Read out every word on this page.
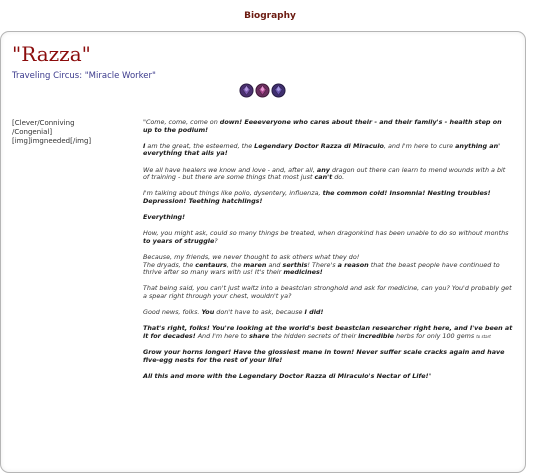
Biography
"Razza"
Traveling Circus: "Miracle Worker"
[Clever/Conniving
/Congenial]
[img]imgneeded[/img]

"Come, come, come on down! Eeeeveryone who cares about their - and their family's - health step on up to the podium!

I am the great, the esteemed, the Legendary Doctor Razza di Miraculo, and I'm here to cure anything an' everything that ails ya!

We all have healers we know and love - and, after all, any dragon out there can learn to mend wounds with a bit of training - but there are some things that most just can't do.

I'm talking about things like polio, dysentery, influenza, the common cold! Insomnia! Nesting troubles! Depression! Teething hatchlings!

Everything!

How, you might ask, could so many things be treated, when dragonkind has been unable to do so without months to years of struggle?

Because, my friends, we never thought to ask others what they do!
The dryads, the centaurs, the maren and serthis! There's a reason that the beast people have continued to thrive after so many wars with us! It's their medicines!

That being said, you can't just waltz into a beastclan stronghold and ask for medicine, can you? You'd probably get a spear right through your chest, wouldn't ya?

Good news, folks. You don't have to ask, because I did!

That's right, folks! You're looking at the world's best beastclan researcher right here, and I've been at it for decades! And I'm here to share the hidden secrets of their incredible herbs for only 100 gems to start

Grow your horns longer! Have the glossiest mane in town! Never suffer scale cracks again and have five-egg nests for the rest of your life!

All this and more with the Legendary Doctor Razza di Miraculo's Nectar of Life!"
